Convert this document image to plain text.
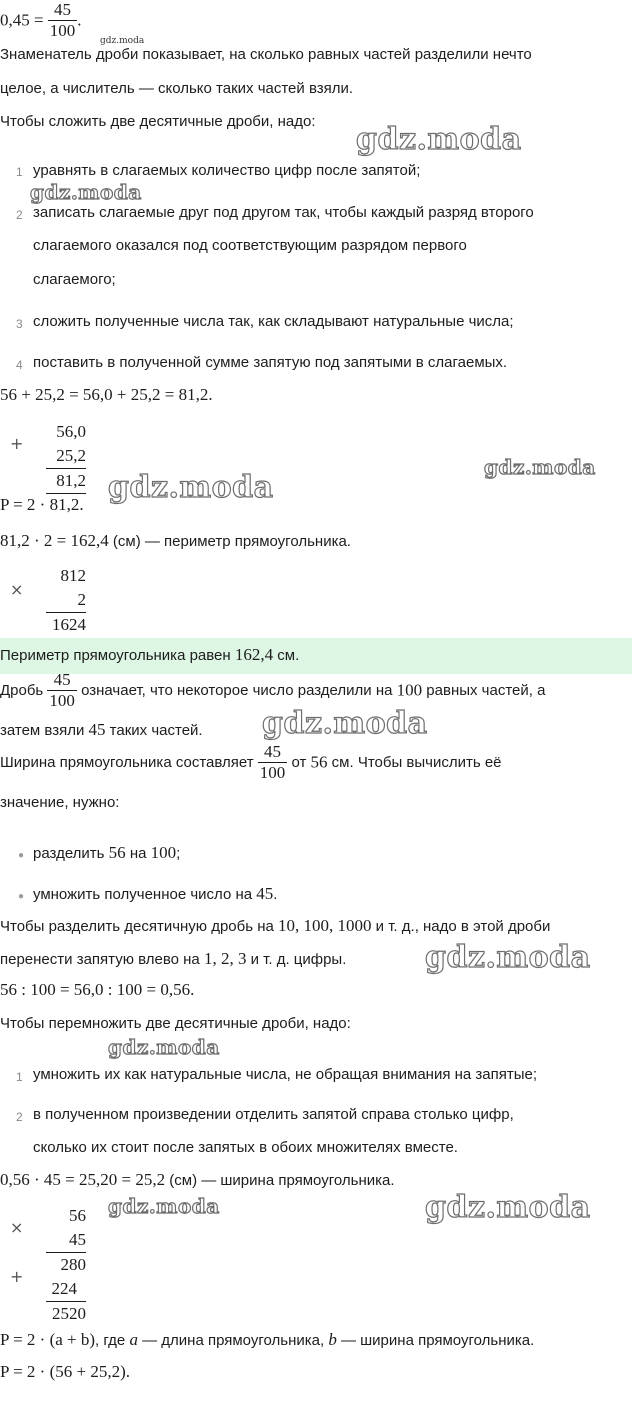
$0,45 = \frac{45}{100}$ .
gdz.moda
Знаменатель дроби показывает, на сколько равных частей разделили нечто
целое, а числитель — сколько таких частей взяли.
Чтобы сложить две десятичные дроби, надо:
gdz.moda
1 уравнять в слагаемых количество цифр после запятой;
gdz.moda
2 записать слагаемые друг под другом так, чтобы каждый разряд второго
слагаемого оказался под соответствующим разрядом первого
слагаемого;
3 сложить полученные числа так, как складывают натуральные числа;
4 поставить в полученной сумме запятую под запятыми в слагаемых.
56 + 25,2 = 56,0 + 25,2 = 81,2.
+
56,0
25,2
81,2
gdz.moda
gdz.moda
P = 2 · 81,2.
81,2 · 2 = 162,4 (см) — периметр прямоугольника.
×
812
2
1624
Периметр прямоугольника равен 162,4 см.
Дробь $\frac{45}{100}$ означает, что некоторое число разделили на 100 равных частей, а
затем взяли 45 таких частей. gdz.moda
Ширина прямоугольника составляет $\frac{45}{100}$ от 56 см. Чтобы вычислить её
значение, нужно:
● разделить 56 на 100;
● умножить полученное число на 45.
Чтобы разделить десятичную дробь на 10, 100, 1000 и т. д., надо в этой дроби
перенести запятую влево на 1, 2, 3 и т. д. цифры.	gdz.moda
56 : 100 = 56,0 : 100 = 0,56.
Чтобы перемножить две десятичные дроби, надо:
gdz.moda
1 умножить их как натуральные числа, не обращая внимания на запятые;
2 в полученном произведении отделить запятой справа столько цифр,
сколько их стоит после запятых в обоих множителях вместе.
0,56 · 45 = 25,20 = 25,2 (см) — ширина прямоугольника.
gdz.moda	gdz.moda
×
+
56
45
280
224
2520
P = 2 · (a + b), где a — длина прямоугольника, b — ширина прямоугольника.
P = 2 · (56 + 25,2).
